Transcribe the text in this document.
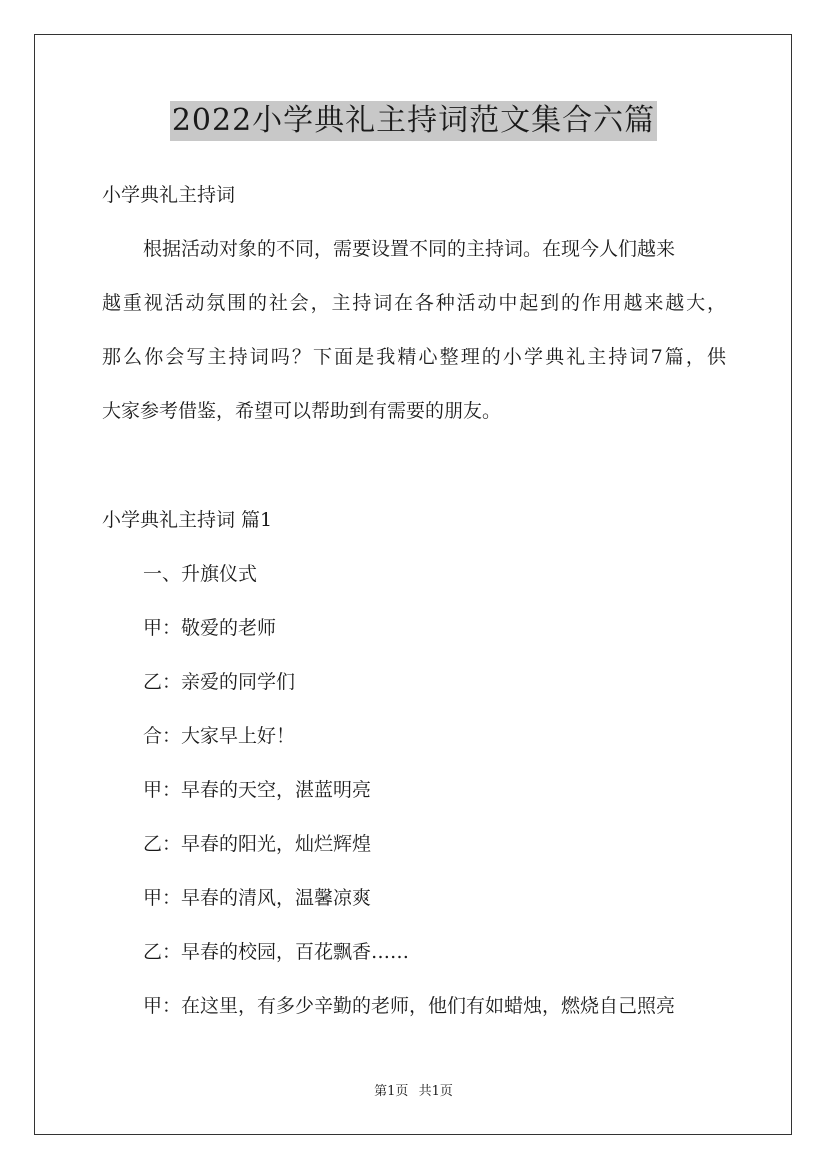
2022小学典礼主持词范文集合六篇
小学典礼主持词
根据活动对象的不同，需要设置不同的主持词。在现今人们越来
越重视活动氛围的社会，主持词在各种活动中起到的作用越来越大，
那么你会写主持词吗？下面是我精心整理的小学典礼主持词7篇，供
大家参考借鉴，希望可以帮助到有需要的朋友。
小学典礼主持词 篇1
一、升旗仪式
甲：敬爱的老师
乙：亲爱的同学们
合：大家早上好！
甲：早春的天空，湛蓝明亮
乙：早春的阳光，灿烂辉煌
甲：早春的清风，温馨凉爽
乙：早春的校园，百花飘香……
甲：在这里，有多少辛勤的老师，他们有如蜡烛，燃烧自己照亮
第1页 共1页
